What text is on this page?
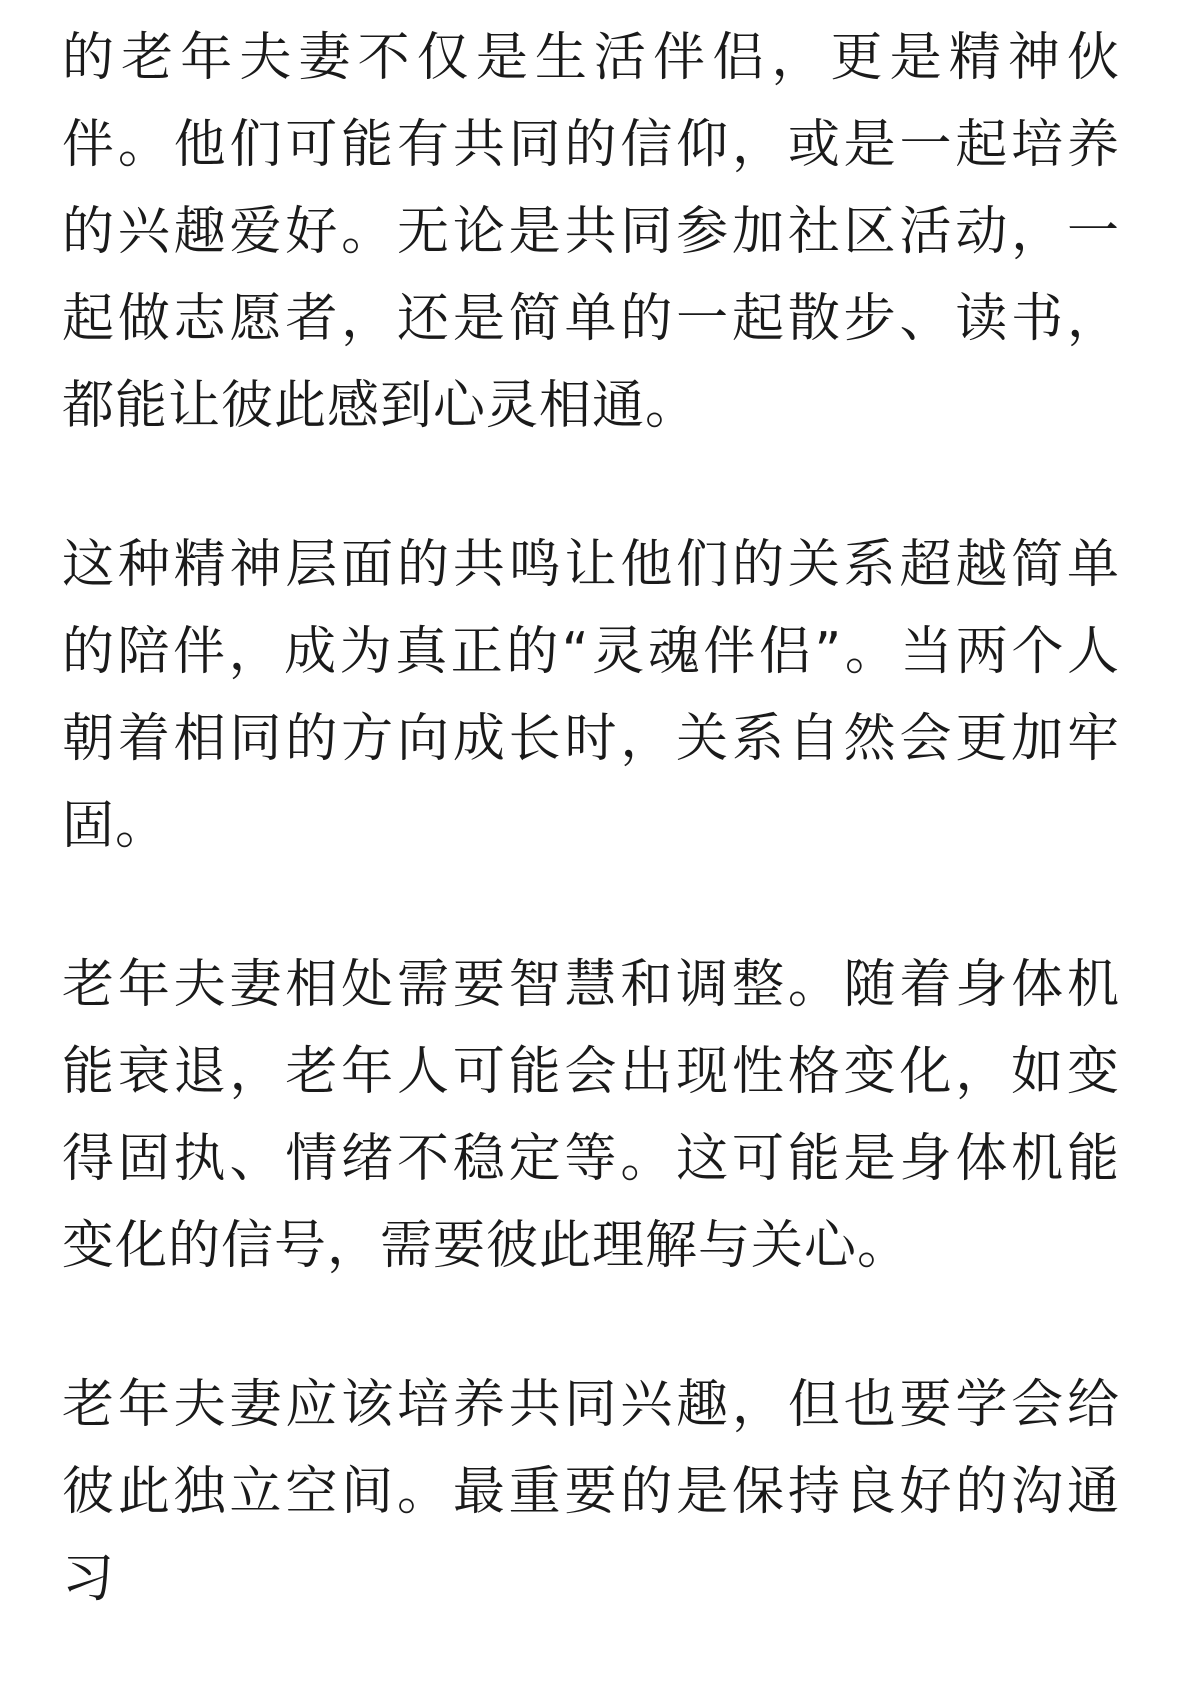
的老年夫妻不仅是生活伴侣，更是精神伙伴。他们可能有共同的信仰，或是一起培养的兴趣爱好。无论是共同参加社区活动，一起做志愿者，还是简单的一起散步、读书，都能让彼此感到心灵相通。

这种精神层面的共鸣让他们的关系超越简单的陪伴，成为真正的“灵魂伴侣”。当两个人朝着相同的方向成长时，关系自然会更加牢固。

老年夫妻相处需要智慧和调整。随着身体机能衰退，老年人可能会出现性格变化，如变得固执、情绪不稳定等。这可能是身体机能变化的信号，需要彼此理解与关心。

老年夫妻应该培养共同兴趣，但也要学会给彼此独立空间。最重要的是保持良好的沟通习
